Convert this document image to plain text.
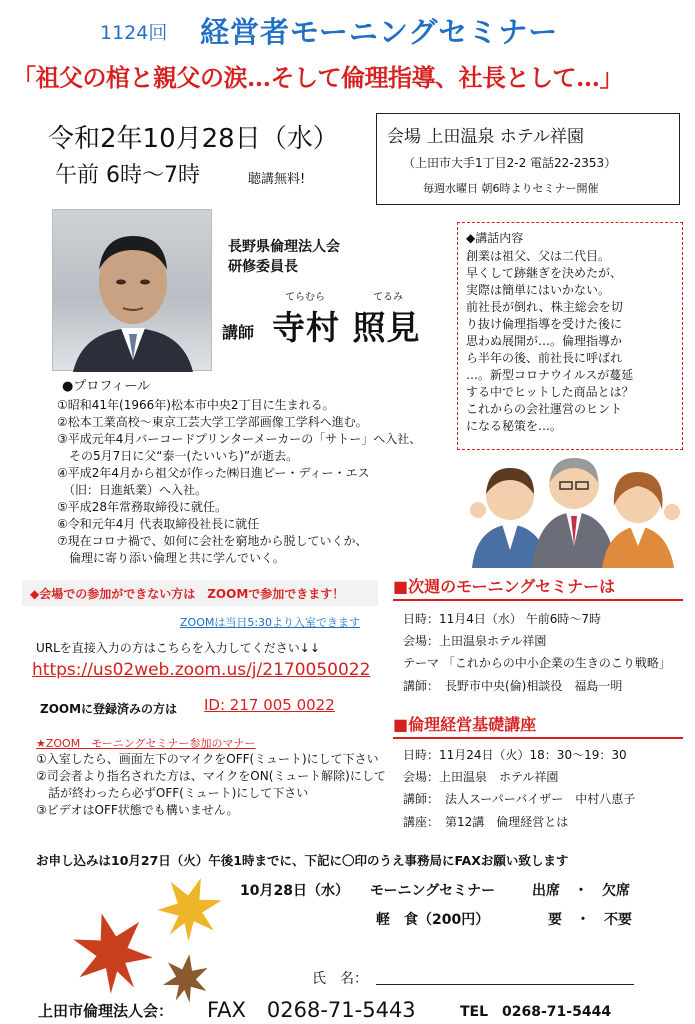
1124回 経営者モーニングセミナー
「祖父の棺と親父の涙…そして倫理指導、社長として…」
令和2年10月28日（水）
午前 6時～7時	聴講無料!
会場 上田温泉 ホテル祥園
（上田市大手1丁目2-2 電話22-2353）
毎週水曜日 朝6時よりセミナー開催
長野県倫理法人会
研修委員長
てらむら	てるみ
講師 寺村 照見
◆講話内容
創業は祖父、父は二代目。
早くして跡継ぎを決めたが、
実際は簡単にはいかない。
前社長が倒れ、株主総会を切
り抜け倫理指導を受けた後に
思わぬ展開が…。倫理指導か
ら半年の後、前社長に呼ばれ
…。新型コロナウイルスが蔓延
する中でヒットした商品とは？
これからの会社運営のヒント
になる秘策を…。
●プロフィール
①昭和41年(1966年)松本市中央2丁目に生まれる。
②松本工業高校～東京工芸大学工学部画像工学科へ進む。
③平成元年4月バーコードプリンターメーカーの「サトー」へ入社、
　その5月7日に父“泰一(たいいち)”が逝去。
④平成2年4月から祖父が作った㈱日進ピー・ディー・エス
　（旧：日進紙業）へ入社。
⑤平成28年常務取締役に就任。
⑥令和元年4月 代表取締役社長に就任
⑦現在コロナ禍で、如何に会社を窮地から脱していくか、
　倫理に寄り添い倫理と共に学んでいく。
◆会場での参加ができない方は　ZOOMで参加できます！
ZOOMは当日5:30より入室できます
URLを直接入力の方はこちらを入力してください↓↓
https://us02web.zoom.us/j/2170050022
ZOOMに登録済みの方は ID: 217 005 0022
★ZOOM　モーニングセミナー参加のマナー
①入室したら、画面左下のマイクをOFF(ミュート)にして下さい
②司会者より指名された方は、マイクをON(ミュート解除)にして
　話が終わったら必ずOFF(ミュート)にして下さい
③ビデオはOFF状態でも構いません。
■次週のモーニングセミナーは
日時：11月4日（水） 午前6時～7時
会場：上田温泉ホテル祥園
テーマ 「これからの中小企業の生きのこり戦略」
講師：　長野市中央(倫)相談役　福島一明
■倫理経営基礎講座
日時：11月24日（火）18：30～19：30
会場：上田温泉　ホテル祥園
講師：　法人スーパーバイザー　中村八恵子
講座：　第12講　倫理経営とは
お申し込みは10月27日（火）午後1時までに、下記に〇印のうえ事務局にFAXお願い致します
10月28日（水） モーニングセミナー	出席　・　欠席
軽　食（200円）	要　・　不要
氏　名：
上田市倫理法人会： FAX　0268-71-5443	TEL　0268-71-5444
